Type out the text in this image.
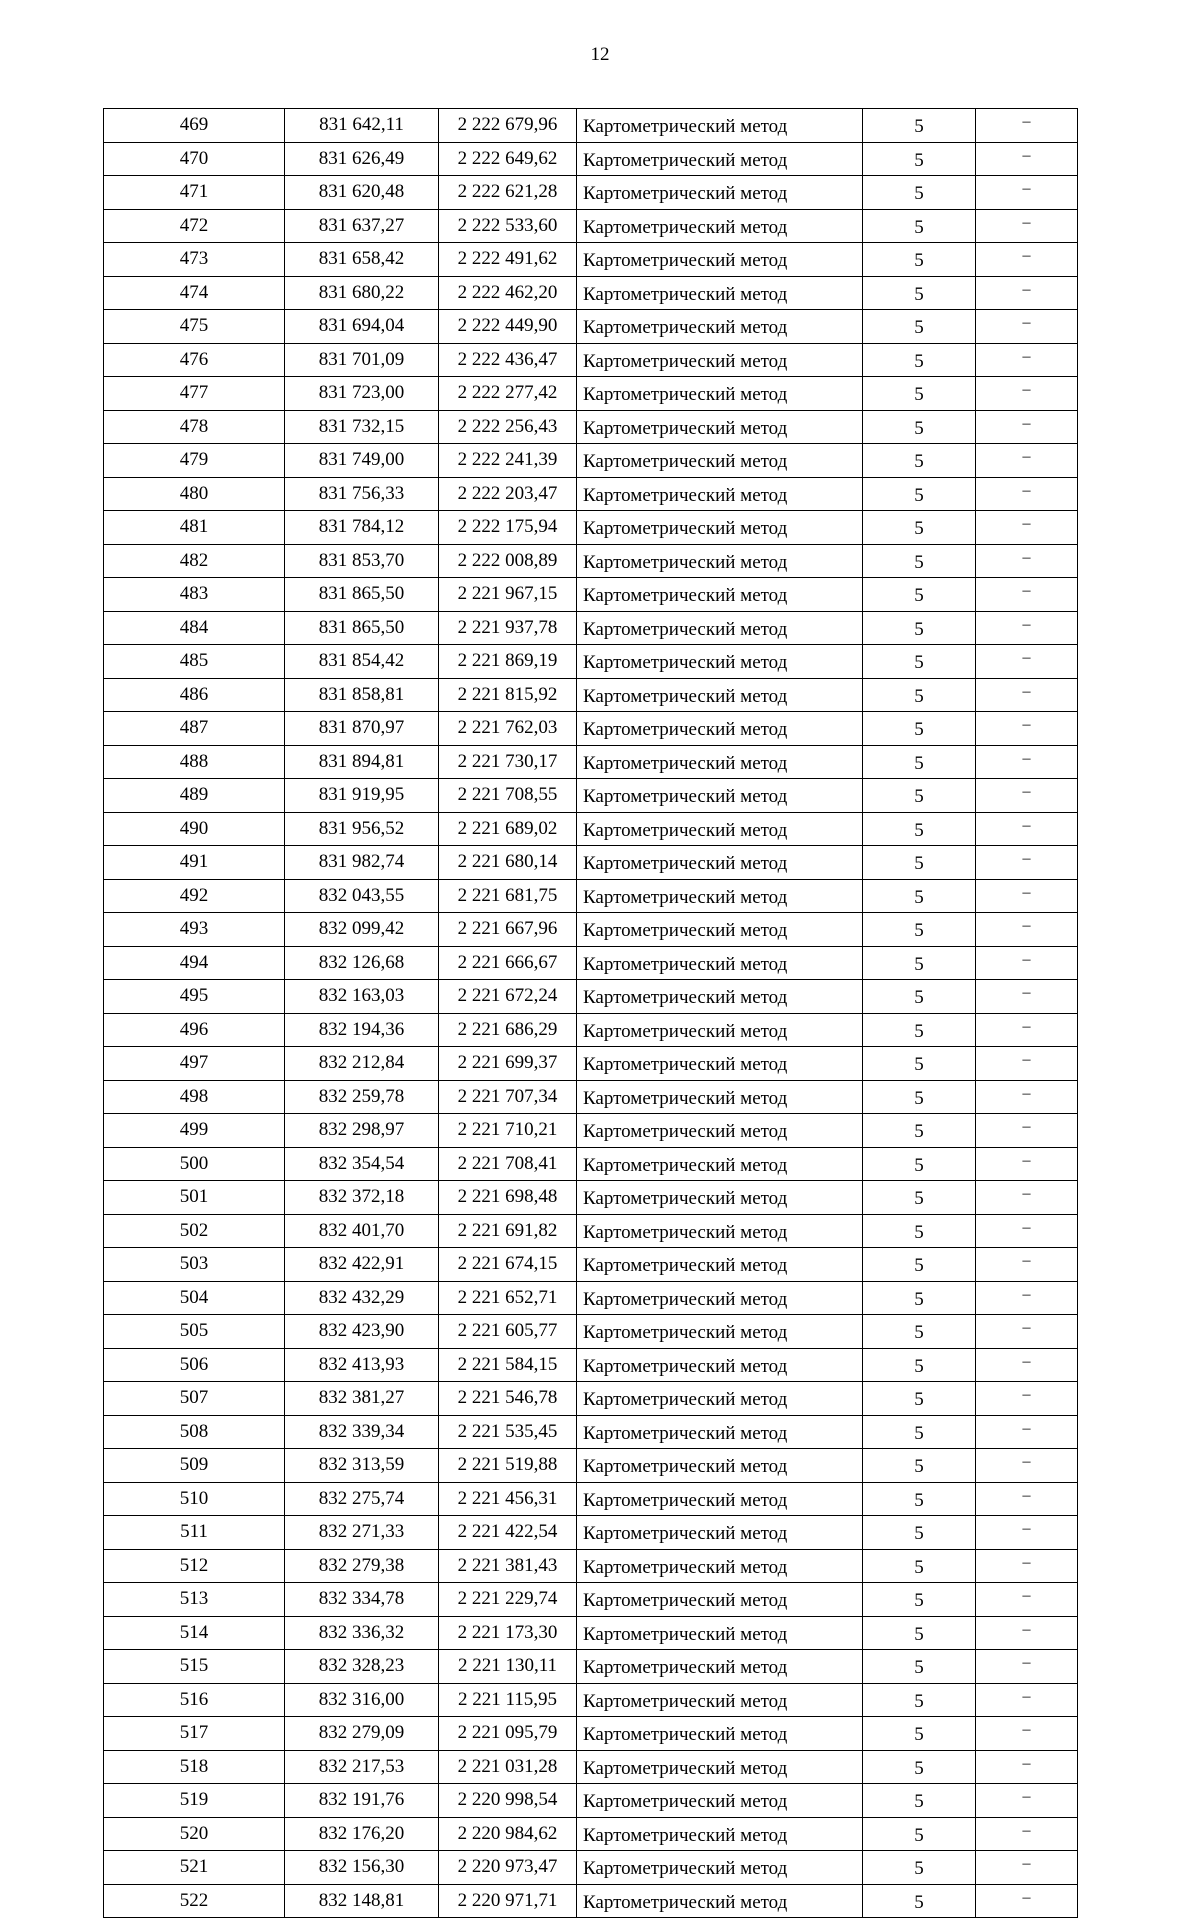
12
469	831 642,11	2 222 679,96	Картометрический метод	5	–
470	831 626,49	2 222 649,62	Картометрический метод	5	–
471	831 620,48	2 222 621,28	Картометрический метод	5	–
472	831 637,27	2 222 533,60	Картометрический метод	5	–
473	831 658,42	2 222 491,62	Картометрический метод	5	–
474	831 680,22	2 222 462,20	Картометрический метод	5	–
475	831 694,04	2 222 449,90	Картометрический метод	5	–
476	831 701,09	2 222 436,47	Картометрический метод	5	–
477	831 723,00	2 222 277,42	Картометрический метод	5	–
478	831 732,15	2 222 256,43	Картометрический метод	5	–
479	831 749,00	2 222 241,39	Картометрический метод	5	–
480	831 756,33	2 222 203,47	Картометрический метод	5	–
481	831 784,12	2 222 175,94	Картометрический метод	5	–
482	831 853,70	2 222 008,89	Картометрический метод	5	–
483	831 865,50	2 221 967,15	Картометрический метод	5	–
484	831 865,50	2 221 937,78	Картометрический метод	5	–
485	831 854,42	2 221 869,19	Картометрический метод	5	–
486	831 858,81	2 221 815,92	Картометрический метод	5	–
487	831 870,97	2 221 762,03	Картометрический метод	5	–
488	831 894,81	2 221 730,17	Картометрический метод	5	–
489	831 919,95	2 221 708,55	Картометрический метод	5	–
490	831 956,52	2 221 689,02	Картометрический метод	5	–
491	831 982,74	2 221 680,14	Картометрический метод	5	–
492	832 043,55	2 221 681,75	Картометрический метод	5	–
493	832 099,42	2 221 667,96	Картометрический метод	5	–
494	832 126,68	2 221 666,67	Картометрический метод	5	–
495	832 163,03	2 221 672,24	Картометрический метод	5	–
496	832 194,36	2 221 686,29	Картометрический метод	5	–
497	832 212,84	2 221 699,37	Картометрический метод	5	–
498	832 259,78	2 221 707,34	Картометрический метод	5	–
499	832 298,97	2 221 710,21	Картометрический метод	5	–
500	832 354,54	2 221 708,41	Картометрический метод	5	–
501	832 372,18	2 221 698,48	Картометрический метод	5	–
502	832 401,70	2 221 691,82	Картометрический метод	5	–
503	832 422,91	2 221 674,15	Картометрический метод	5	–
504	832 432,29	2 221 652,71	Картометрический метод	5	–
505	832 423,90	2 221 605,77	Картометрический метод	5	–
506	832 413,93	2 221 584,15	Картометрический метод	5	–
507	832 381,27	2 221 546,78	Картометрический метод	5	–
508	832 339,34	2 221 535,45	Картометрический метод	5	–
509	832 313,59	2 221 519,88	Картометрический метод	5	–
510	832 275,74	2 221 456,31	Картометрический метод	5	–
511	832 271,33	2 221 422,54	Картометрический метод	5	–
512	832 279,38	2 221 381,43	Картометрический метод	5	–
513	832 334,78	2 221 229,74	Картометрический метод	5	–
514	832 336,32	2 221 173,30	Картометрический метод	5	–
515	832 328,23	2 221 130,11	Картометрический метод	5	–
516	832 316,00	2 221 115,95	Картометрический метод	5	–
517	832 279,09	2 221 095,79	Картометрический метод	5	–
518	832 217,53	2 221 031,28	Картометрический метод	5	–
519	832 191,76	2 220 998,54	Картометрический метод	5	–
520	832 176,20	2 220 984,62	Картометрический метод	5	–
521	832 156,30	2 220 973,47	Картометрический метод	5	–
522	832 148,81	2 220 971,71	Картометрический метод	5	–
